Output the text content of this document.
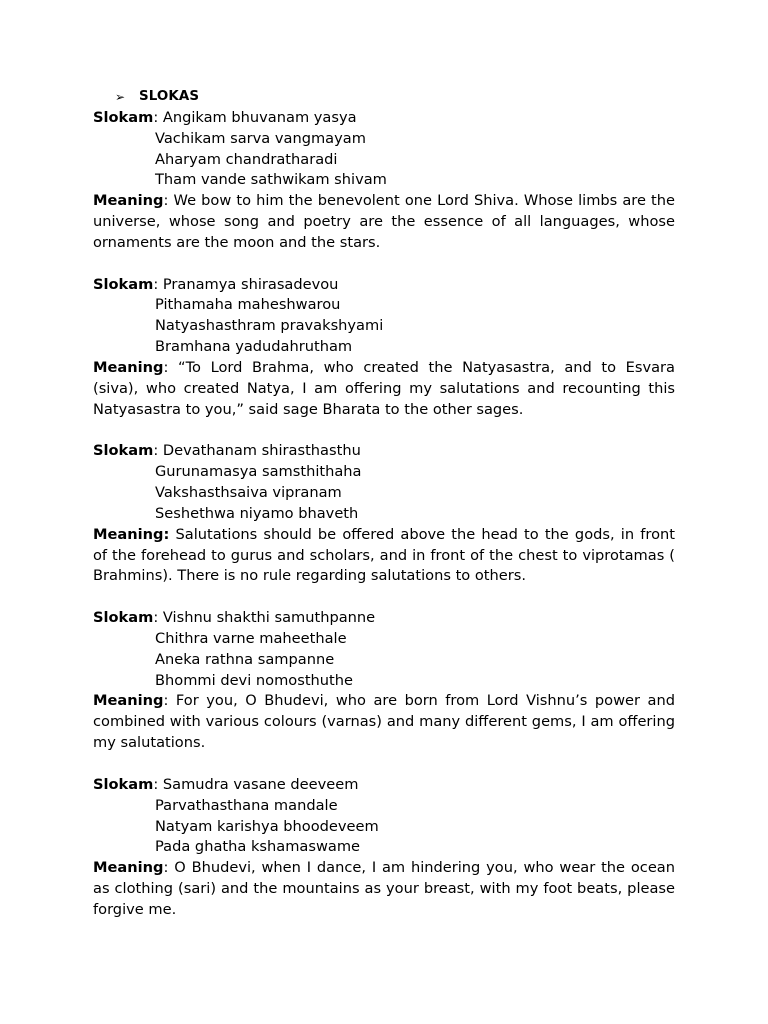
➢	SLOKAS
Slokam: Angikam bhuvanam yasya
Vachikam sarva vangmayam
Aharyam chandratharadi
Tham vande sathwikam shivam
Meaning: We bow to him the benevolent one Lord Shiva. Whose limbs are the universe, whose song and poetry are the essence of all languages, whose ornaments are the moon and the stars.
Slokam: Pranamya shirasadevou
Pithamaha maheshwarou
Natyashasthram pravakshyami
Bramhana yadudahrutham
Meaning: “To Lord Brahma, who created the Natyasastra, and to Esvara (siva), who created Natya, I am offering my salutations and recounting this Natyasastra to you,” said sage Bharata to the other sages.
Slokam: Devathanam shirasthasthu
Gurunamasya samsthithaha
Vakshasthsaiva vipranam
Seshethwa niyamo bhaveth
Meaning: Salutations should be offered above the head to the gods, in front of the forehead to gurus and scholars, and in front of the chest to viprotamas ( Brahmins). There is no rule regarding salutations to others.
Slokam: Vishnu shakthi samuthpanne
Chithra varne maheethale
Aneka rathna sampanne
Bhommi devi nomosthuthe
Meaning: For you, O Bhudevi, who are born from Lord Vishnu’s power and combined with various colours (varnas) and many different gems, I am offering my salutations.
Slokam: Samudra vasane deeveem
Parvathasthana mandale
Natyam karishya bhoodeveem
Pada ghatha kshamaswame
Meaning: O Bhudevi, when I dance, I am hindering you, who wear the ocean as clothing (sari) and the mountains as your breast, with my foot beats, please forgive me.
